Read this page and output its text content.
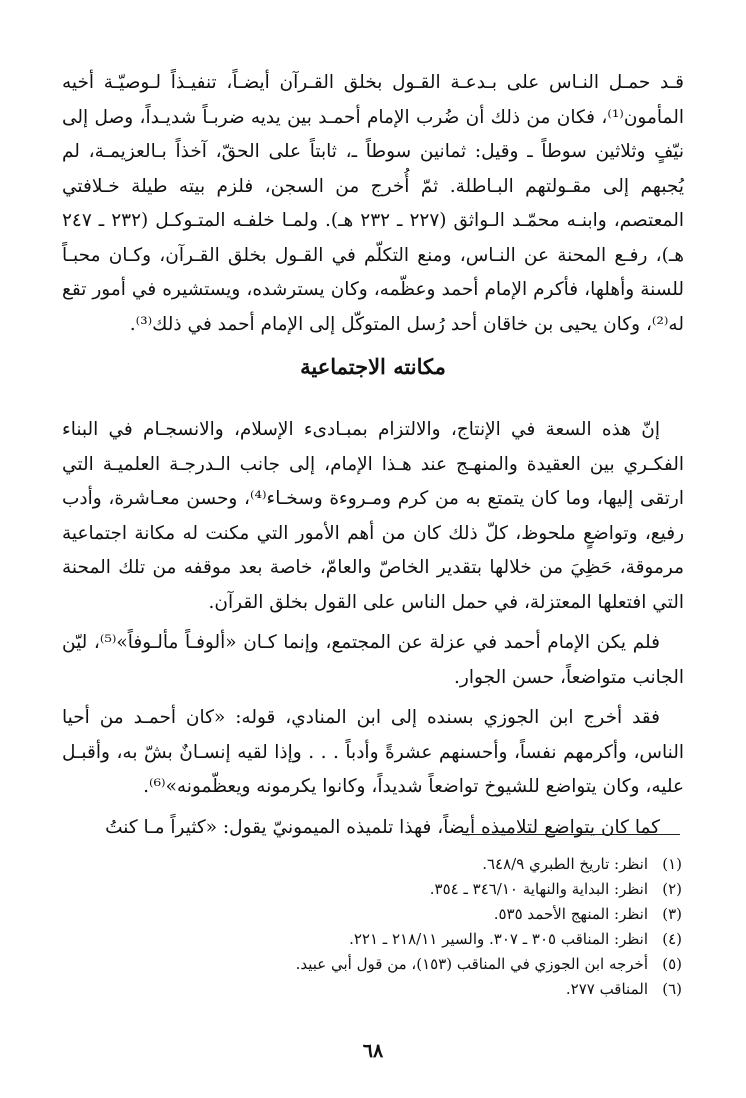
قـد حمـل النـاس على بـدعـة القـول بخلق القـرآن أيضـاً، تنفيـذاً لـوصيّـة أخيه المأمون⁽¹⁾، فكان من ذلك أن ضُرب الإمام أحمـد بين يديه ضربـاً شديـداً، وصل إلى نيّفٍ وثلاثين سوطاً ـ وقيل: ثمانين سوطاً ـ، ثابتاً على الحقّ، آخذاً بـالعزيمـة، لم يُجبهم إلى مقـولتهم البـاطلة. ثمّ أُخرج من السجن، فلزم بيته طيلة خـلافتي المعتصم، وابنـه محمّـد الـواثق (٢٢٧ ـ ٢٣٢ هـ). ولمـا خلفـه المتـوكـل (٢٣٢ ـ ٢٤٧ هـ)، رفـع المحنة عن النـاس، ومنع التكلّم في القـول بخلق القـرآن، وكـان محبـاً للسنة وأهلها، فأكرم الإمام أحمد وعظّمه، وكان يسترشده، ويستشيره في أمور تقع له⁽²⁾، وكان يحيى بن خاقان أحد رُسل المتوكّل إلى الإمام أحمد في ذلك⁽³⁾.

مكانته الاجتماعية

إنّ هذه السعة في الإنتاج، والالتزام بمبـادىء الإسلام، والانسجـام في البناء الفكـري بين العقيدة والمنهـج عند هـذا الإمام، إلى جانب الـدرجـة العلميـة التي ارتقى إليها، وما كان يتمتع به من كرم ومـروءة وسخـاء⁽⁴⁾، وحسن معـاشرة، وأدب رفيع، وتواضعٍ ملحوظ، كلّ ذلك كان من أهم الأمور التي مكنت له مكانة اجتماعية مرموقة، حَظِيَ من خلالها بتقدير الخاصّ والعامّ، خاصة بعد موقفه من تلك المحنة التي افتعلها المعتزلة، في حمل الناس على القول بخلق القرآن.

فلم يكن الإمام أحمد في عزلة عن المجتمع، وإنما كـان «ألوفـاً مألـوفاً»⁽⁵⁾، ليّن الجانب متواضعاً، حسن الجوار.

فقد أخرج ابن الجوزي بسنده إلى ابن المنادي، قوله: «كان أحمـد من أحيا الناس، وأكرمهم نفساً، وأحسنهم عشرةً وأدباً . . . وإذا لقيه إنسـانٌ بشّ به، وأقبـل عليه، وكان يتواضع للشيوخ تواضعاً شديداً، وكانوا يكرمونه ويعظّمونه»⁽⁶⁾.

كما كان يتواضع لتلاميذه أيضاً، فهذا تلميذه الميمونيّ يقول: «كثيراً مـا كنتُ

(١)
انظر: تاريخ الطبري ٦٤٨/٩.
(٢)
انظر: البداية والنهاية ٣٤٦/١٠ ـ ٣٥٤.
(٣)
انظر: المنهج الأحمد ٥٣٥.
(٤)
انظر: المناقب ٣٠٥ ـ ٣٠٧. والسير ٢١٨/١١ ـ ٢٢١.
(٥)
أخرجه ابن الجوزي في المناقب (١٥٣)، من قول أبي عبيد.
(٦)
المناقب ٢٧٧.
٦٨
